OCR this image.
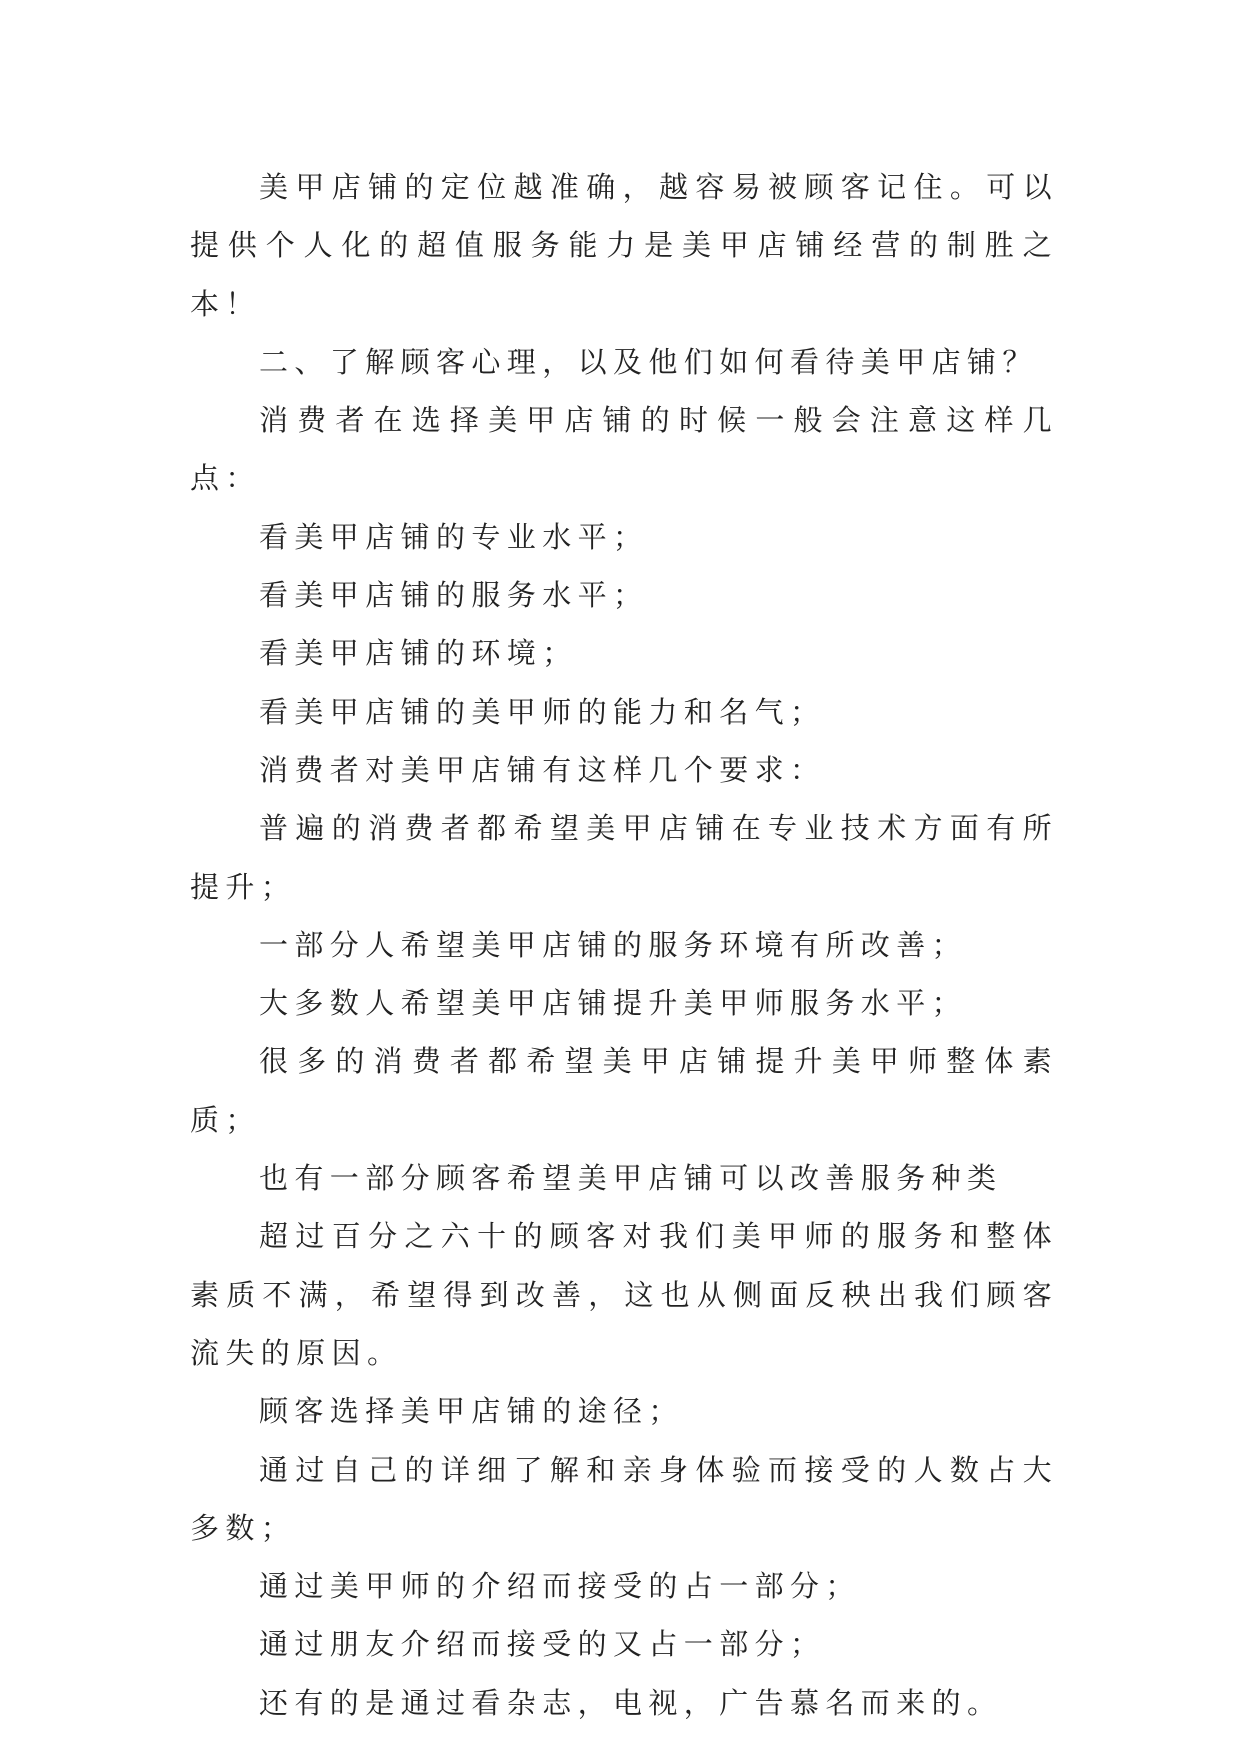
美甲店铺的定位越准确，越容易被顾客记住。可以提供个人化的超值服务能力是美甲店铺经营的制胜之本！

二、了解顾客心理，以及他们如何看待美甲店铺？

消费者在选择美甲店铺的时候一般会注意这样几点：

看美甲店铺的专业水平；

看美甲店铺的服务水平；

看美甲店铺的环境；

看美甲店铺的美甲师的能力和名气；

消费者对美甲店铺有这样几个要求：

普遍的消费者都希望美甲店铺在专业技术方面有所提升；

一部分人希望美甲店铺的服务环境有所改善；

大多数人希望美甲店铺提升美甲师服务水平；

很多的消费者都希望美甲店铺提升美甲师整体素质；

也有一部分顾客希望美甲店铺可以改善服务种类

超过百分之六十的顾客对我们美甲师的服务和整体素质不满，希望得到改善，这也从侧面反秧出我们顾客流失的原因。

顾客选择美甲店铺的途径；

通过自己的详细了解和亲身体验而接受的人数占大多数；

通过美甲师的介绍而接受的占一部分；

通过朋友介绍而接受的又占一部分；

还有的是通过看杂志，电视，广告慕名而来的。
